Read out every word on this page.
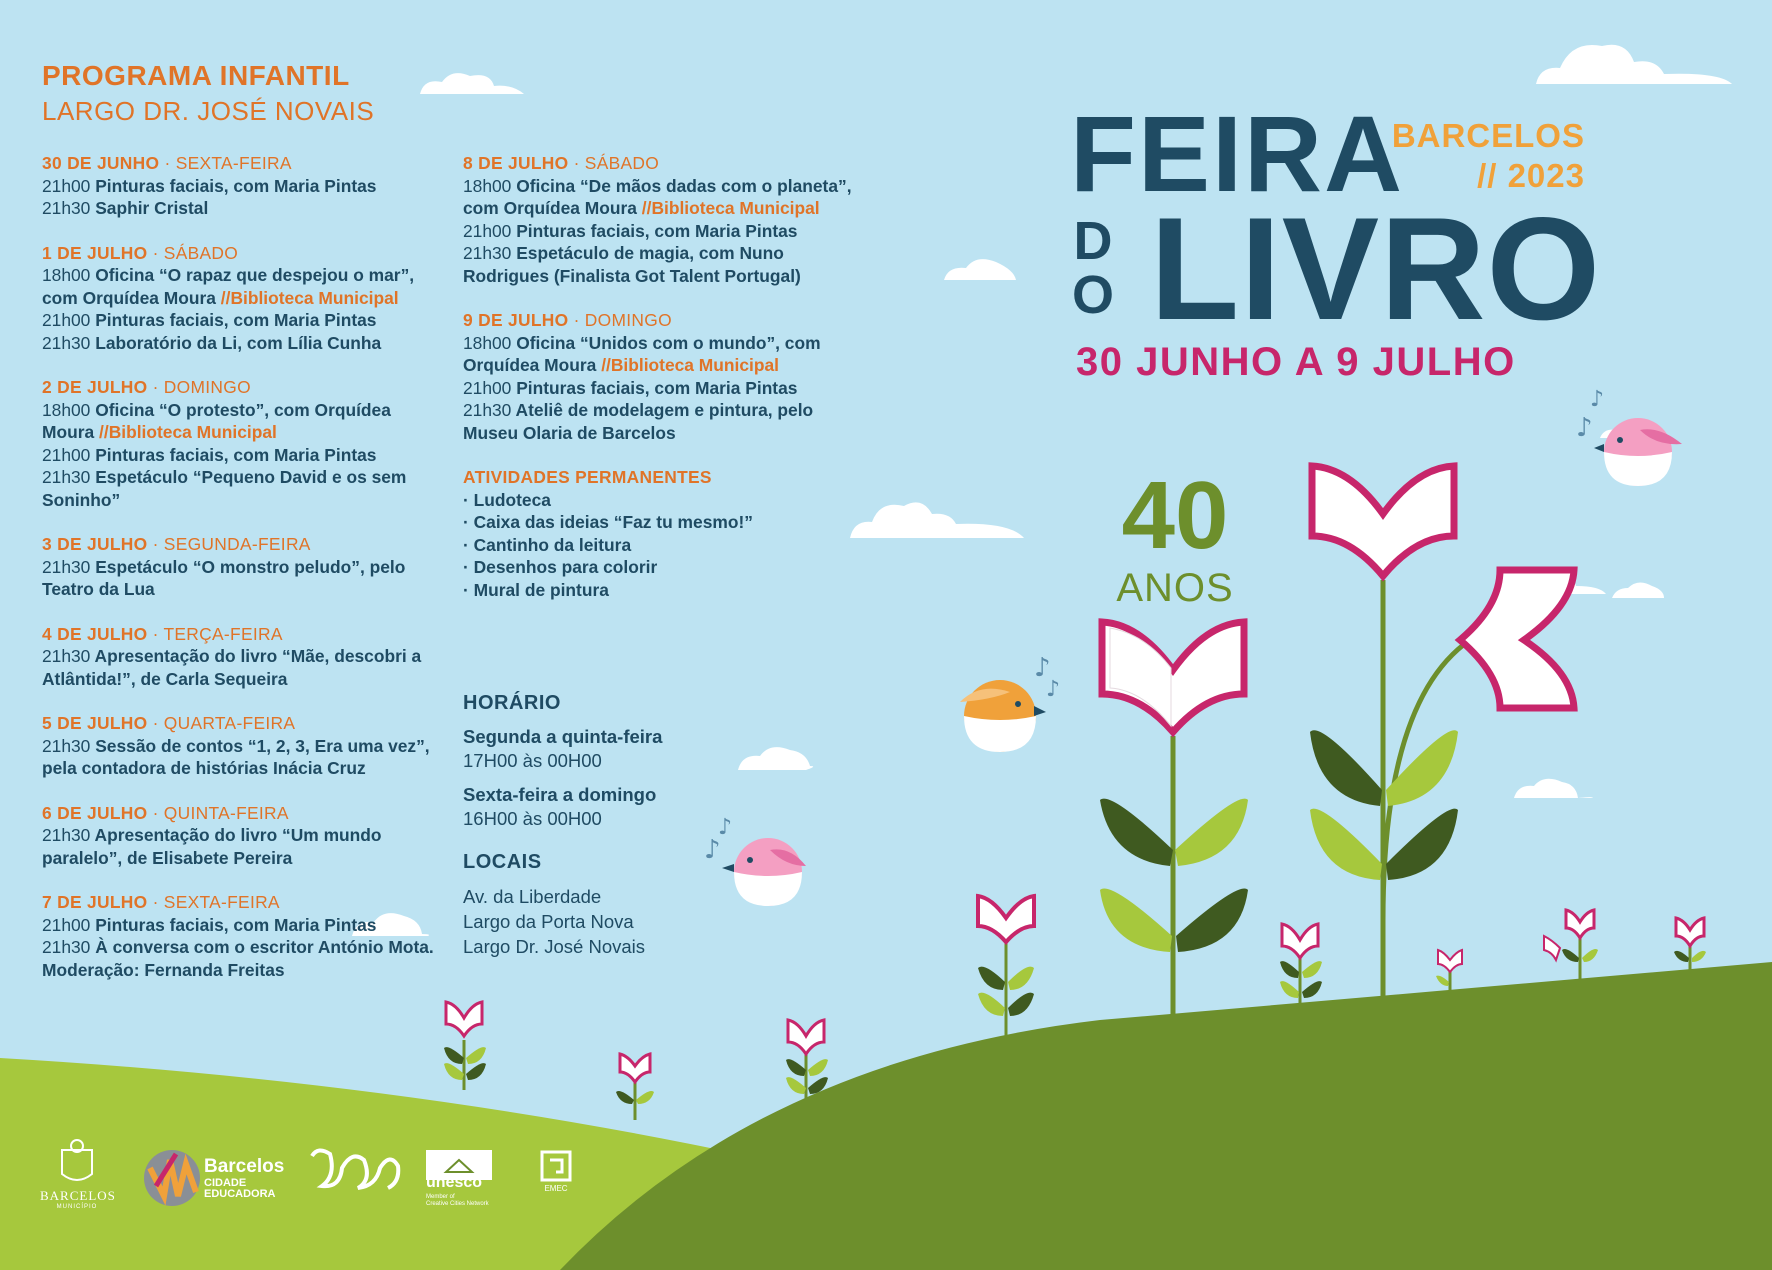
♪
♪
♪
♪
♪
♪
PROGRAMA INFANTIL
LARGO DR. JOSÉ NOVAIS
30 DE JUNHO · SEXTA-FEIRA
21h00 Pinturas faciais, com Maria Pintas
21h30 Saphir Cristal
1 DE JULHO · SÁBADO
18h00 Oficina “O rapaz que despejou o mar”, com Orquídea Moura //Biblioteca Municipal
21h00 Pinturas faciais, com Maria Pintas
21h30 Laboratório da Li, com Lília Cunha
2 DE JULHO · DOMINGO
18h00 Oficina “O protesto”, com Orquídea Moura //Biblioteca Municipal
21h00 Pinturas faciais, com Maria Pintas
21h30 Espetáculo “Pequeno David e os sem Soninho”
3 DE JULHO · SEGUNDA-FEIRA
21h30 Espetáculo “O monstro peludo”, pelo Teatro da Lua
4 DE JULHO · TERÇA-FEIRA
21h30 Apresentação do livro “Mãe, descobri a Atlântida!”, de Carla Sequeira
5 DE JULHO · QUARTA-FEIRA
21h30 Sessão de contos “1, 2, 3, Era uma vez”, pela contadora de histórias Inácia Cruz
6 DE JULHO · QUINTA-FEIRA
21h30 Apresentação do livro “Um mundo paralelo”, de Elisabete Pereira
7 DE JULHO · SEXTA-FEIRA
21h00 Pinturas faciais, com Maria Pintas
21h30 À conversa com o escritor António Mota. Moderação: Fernanda Freitas
8 DE JULHO · SÁBADO
18h00 Oficina “De mãos dadas com o planeta”, com Orquídea Moura //Biblioteca Municipal
21h00 Pinturas faciais, com Maria Pintas
21h30 Espetáculo de magia, com Nuno Rodrigues (Finalista Got Talent Portugal)
9 DE JULHO · DOMINGO
18h00 Oficina “Unidos com o mundo”, com Orquídea Moura //Biblioteca Municipal
21h00 Pinturas faciais, com Maria Pintas
21h30 Ateliê de modelagem e pintura, pelo Museu Olaria de Barcelos
ATIVIDADES PERMANENTES
· Ludoteca
· Caixa das ideias “Faz tu mesmo!”
· Cantinho da leitura
· Desenhos para colorir
· Mural de pintura
HORÁRIO
Segunda a quinta-feira
17H00 às 00H00
Sexta-feira a domingo
16H00 às 00H00
LOCAIS
Av. da Liberdade
Largo da Porta Nova
Largo Dr. José Novais
FEIRA
D
O LIVRO
BARCELOS
// 2023
30 JUNHO A 9 JULHO
40
ANOS
BARCELOS
MUNICÍPIO
Barcelos
CIDADE
EDUCADORA
unesco
Member of
Creative Cities Network
EMEC
